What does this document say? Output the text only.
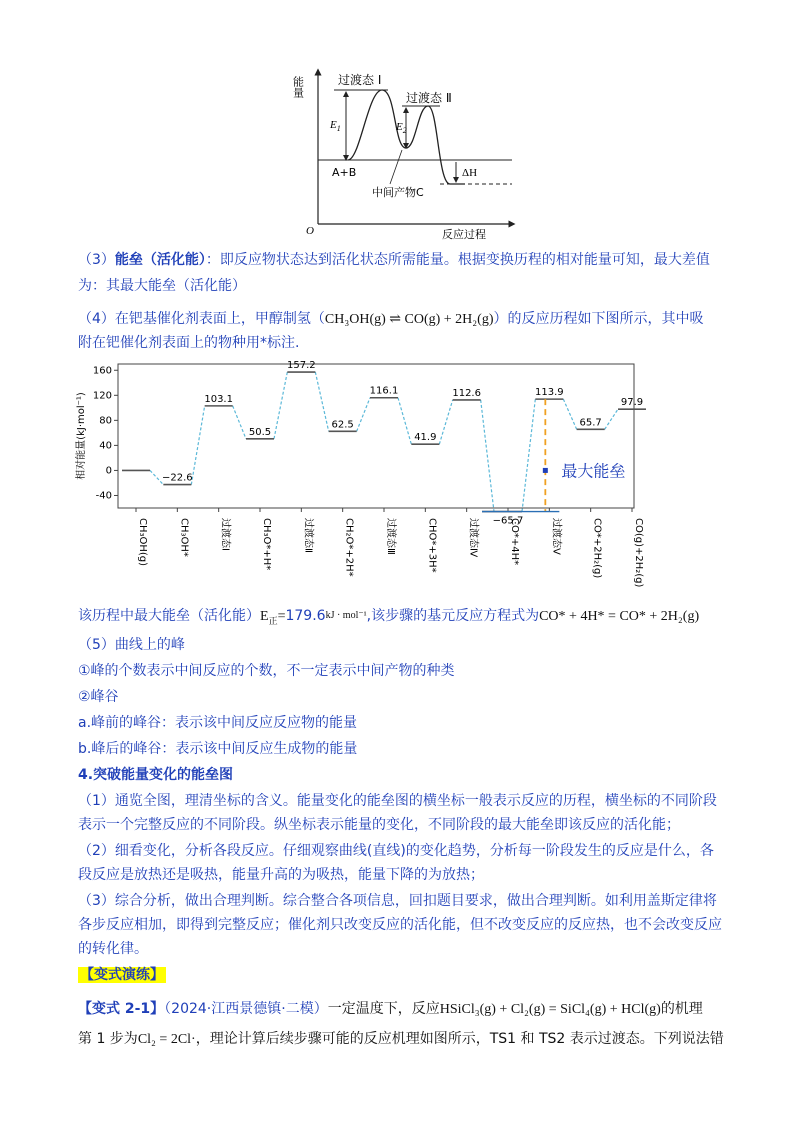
能量
O	反应过程
$E_1$	$E_2$
ΔH
过渡态 Ⅰ
过渡态 Ⅱ
A+B
中间产物C
（3）能垒（活化能）：即反应物状态达到活化状态所需能量。根据变换历程的相对能量可知，最大差值
为：其最大能垒（活化能）
（4）在钯基催化剂表面上，甲醇制氢（CH₃OH(g) ⇌ CO(g) + 2H₂(g)）的反应历程如下图所示，其中吸
附在钯催化剂表面上的物种用*标注.
-40
0
40
80
120
160
−22.6
103.1
50.5
157.2
62.5
116.1
41.9
112.6
−65.7
113.9
65.7
97.9
CH₃OH(g)	CH₃OH*	过渡态Ⅰ	CH₃O*+H*	过渡态Ⅱ	CH₂O*+2H*	过渡态Ⅲ	CHO*+3H*	过渡态Ⅳ	CO*+4H*	过渡态Ⅴ	CO*+2H₂(g)	CO(g)+2H₂(g)
最大能垒
相对能量(kJ·mol⁻¹)
该历程中最大能垒（活化能）$E_正=179.6^{kJ \cdot mol^{-1}}$,该步骤的基元反应方程式为CO* + 4H* = CO* + 2H₂(g)
（5）曲线上的峰
①峰的个数表示中间反应的个数，不一定表示中间产物的种类
②峰谷
a.峰前的峰谷：表示该中间反应反应物的能量
b.峰后的峰谷：表示该中间反应生成物的能量
4.突破能量变化的能垒图
（1）通览全图，理清坐标的含义。能量变化的能垒图的横坐标一般表示反应的历程，横坐标的不同阶段
表示一个完整反应的不同阶段。纵坐标表示能量的变化，不同阶段的最大能垒即该反应的活化能；
（2）细看变化，分析各段反应。仔细观察曲线(直线)的变化趋势，分析每一阶段发生的反应是什么，各
段反应是放热还是吸热，能量升高的为吸热，能量下降的为放热；
（3）综合分析，做出合理判断。综合整合各项信息，回扣题目要求，做出合理判断。如利用盖斯定律将
各步反应相加，即得到完整反应；催化剂只改变反应的活化能，但不改变反应的反应热，也不会改变反应
的转化律。
【变式演练】
【变式 2-1】（2024·江西景德镇·二模）一定温度下，反应HSiCl₃(g) + Cl₂(g) = SiCl₄(g) + HCl(g)的机理
第 1 步为Cl₂ = 2Cl·，理论计算后续步骤可能的反应机理如图所示，TS1 和 TS2 表示过渡态。下列说法错
